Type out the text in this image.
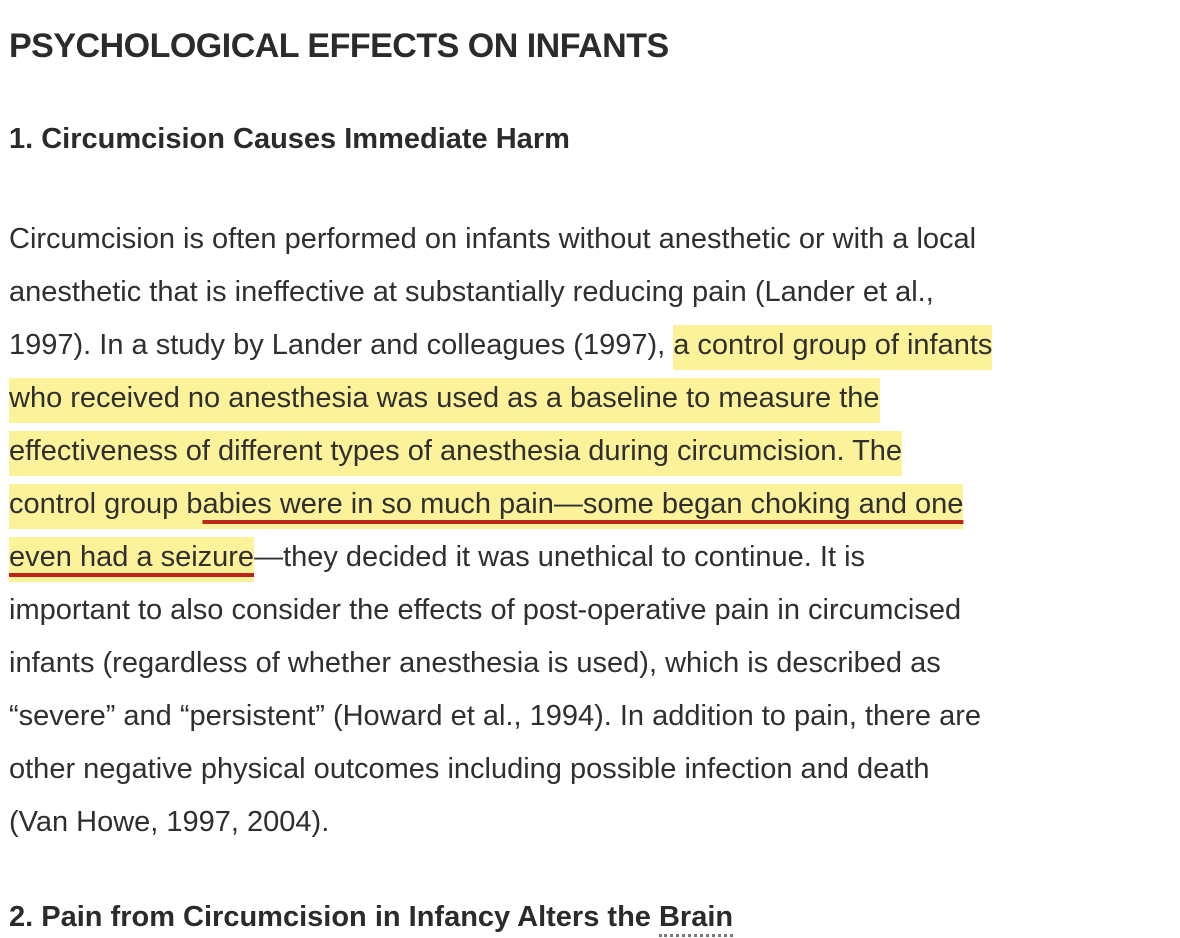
PSYCHOLOGICAL EFFECTS ON INFANTS
1. Circumcision Causes Immediate Harm
Circumcision is often performed on infants without anesthetic or with a local
anesthetic that is ineffective at substantially reducing pain (Lander et al.,
1997). In a study by Lander and colleagues (1997), a control group of infants
who received no anesthesia was used as a baseline to measure the
effectiveness of different types of anesthesia during circumcision. The
control group babies were in so much pain—some began choking and one
even had a seizure—they decided it was unethical to continue. It is
important to also consider the effects of post-operative pain in circumcised
infants (regardless of whether anesthesia is used), which is described as
“severe” and “persistent” (Howard et al., 1994). In addition to pain, there are
other negative physical outcomes including possible infection and death
(Van Howe, 1997, 2004).
2. Pain from Circumcision in Infancy Alters the Brain
